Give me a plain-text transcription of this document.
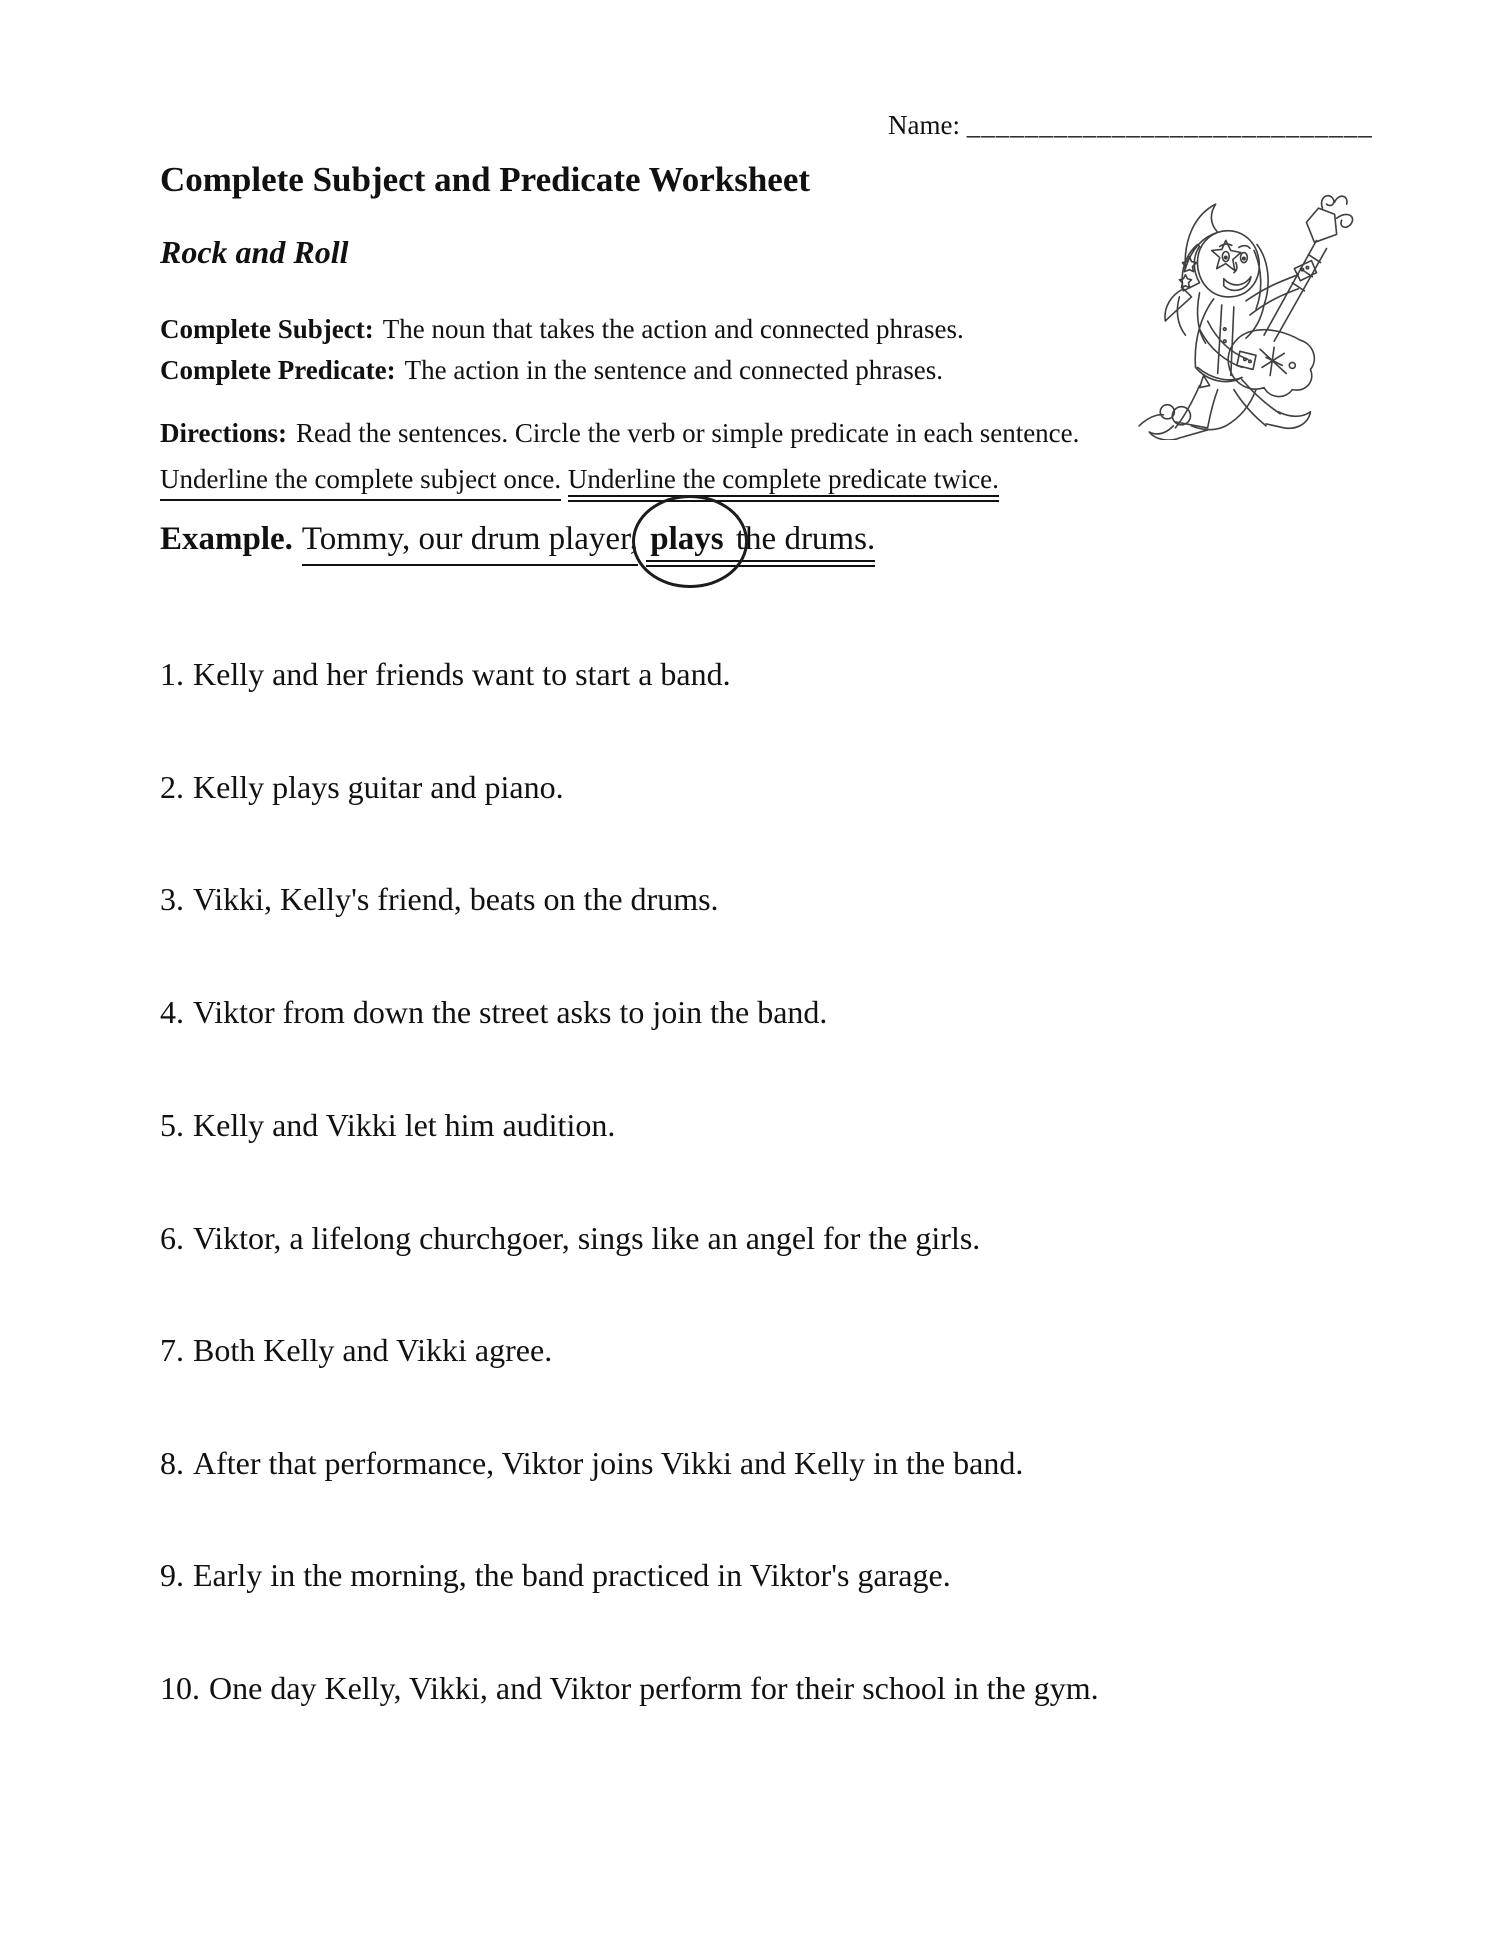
Name: ____________________________
Complete Subject and Predicate Worksheet
Rock and Roll
Complete Subject: The noun that takes the action and connected phrases.
Complete Predicate: The action in the sentence and connected phrases.
Directions: Read the sentences. Circle the verb or simple predicate in each sentence.
Underline the complete subject once. Underline the complete predicate twice.
Example. Tommy, our drum player, plays the drums.
1. Kelly and her friends want to start a band.
2. Kelly plays guitar and piano.
3. Vikki, Kelly's friend, beats on the drums.
4. Viktor from down the street asks to join the band.
5. Kelly and Vikki let him audition.
6. Viktor, a lifelong churchgoer, sings like an angel for the girls.
7. Both Kelly and Vikki agree.
8. After that performance, Viktor joins Vikki and Kelly in the band.
9. Early in the morning, the band practiced in Viktor's garage.
10. One day Kelly, Vikki, and Viktor perform for their school in the gym.
